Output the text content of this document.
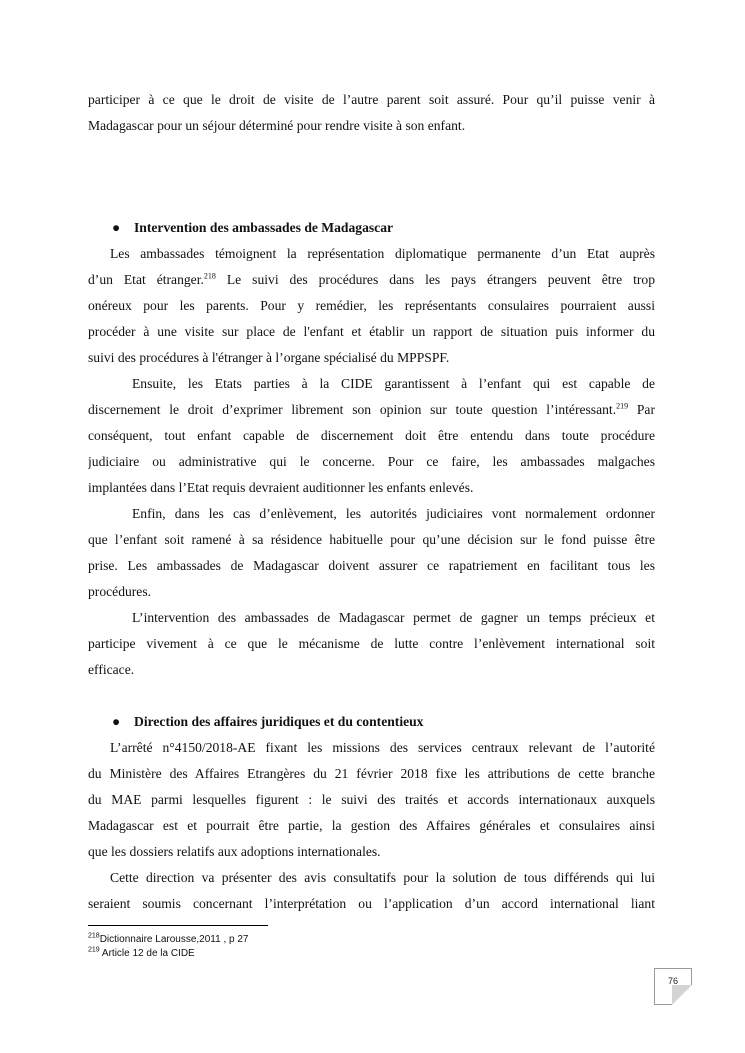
participer à ce que le droit de visite de l’autre parent soit assuré. Pour qu’il puisse venir à
Madagascar pour un séjour déterminé pour rendre visite à son enfant.
● Intervention des ambassades de Madagascar
Les ambassades témoignent la représentation diplomatique permanente d’un Etat auprès
d’un Etat étranger.$^{218}$ Le suivi des procédures dans les pays étrangers peuvent être trop
onéreux pour les parents. Pour y remédier, les représentants consulaires pourraient aussi
procéder à une visite sur place de l'enfant et établir un rapport de situation puis informer du
suivi des procédures à l'étranger à l’organe spécialisé du MPPSPF.
Ensuite, les Etats parties à la CIDE garantissent à l’enfant qui est capable de
discernement le droit d’exprimer librement son opinion sur toute question l’intéressant.$^{219}$ Par
conséquent, tout enfant capable de discernement doit être entendu dans toute procédure
judiciaire ou administrative qui le concerne. Pour ce faire, les ambassades malgaches
implantées dans l’Etat requis devraient auditionner les enfants enlevés.
Enfin, dans les cas d’enlèvement, les autorités judiciaires vont normalement ordonner
que l’enfant soit ramené à sa résidence habituelle pour qu’une décision sur le fond puisse être
prise. Les ambassades de Madagascar doivent assurer ce rapatriement en facilitant tous les
procédures.
L’intervention des ambassades de Madagascar permet de gagner un temps précieux et
participe vivement à ce que le mécanisme de lutte contre l’enlèvement international soit
efficace.
● Direction des affaires juridiques et du contentieux
L’arrêté n°4150/2018-AE fixant les missions des services centraux relevant de l’autorité
du Ministère des Affaires Etrangères du 21 février 2018 fixe les attributions de cette branche
du MAE parmi lesquelles figurent : le suivi des traités et accords internationaux auxquels
Madagascar est et pourrait être partie, la gestion des Affaires générales et consulaires ainsi
que les dossiers relatifs aux adoptions internationales.
Cette direction va présenter des avis consultatifs pour la solution de tous différends qui lui
seraient soumis concernant l’interprétation ou l’application d’un accord international liant
$^{218}$Dictionnaire Larousse,2011 , p 27
$^{219}$ Article 12 de la CIDE
76
